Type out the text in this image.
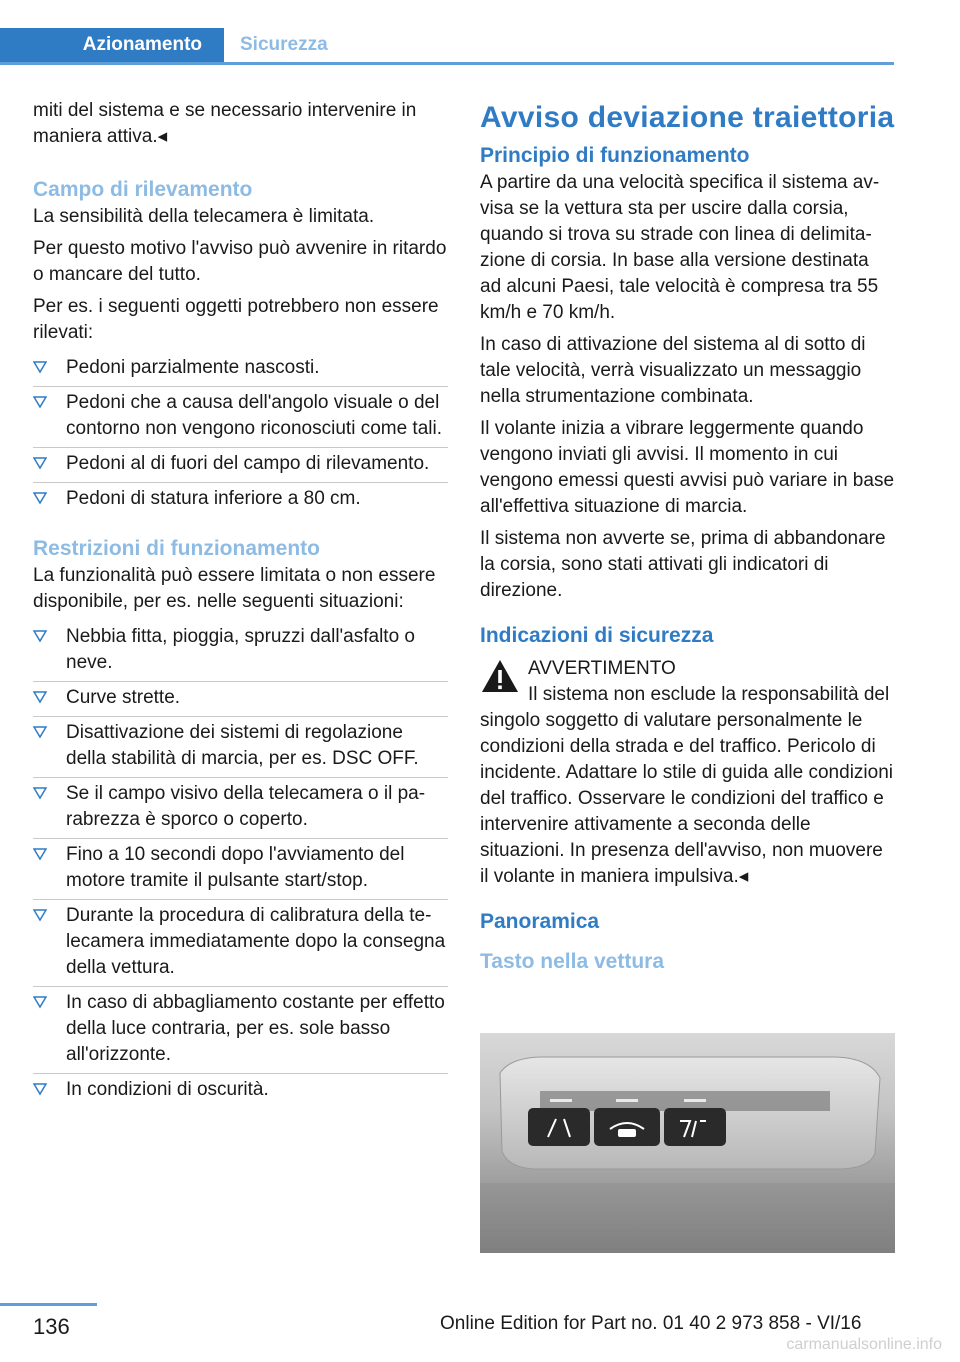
Azionamento	Sicurezza

miti del sistema e se necessario intervenire in maniera attiva.◂

Campo di rilevamento

La sensibilità della telecamera è limitata.

Per questo motivo l'avviso può avvenire in ritardo o mancare del tutto.

Per es. i seguenti oggetti potrebbero non essere rilevati:

Pedoni parzialmente nascosti.
Pedoni che a causa dell'angolo visuale o del contorno non vengono riconosciuti come tali.
Pedoni al di fuori del campo di rilevamento.
Pedoni di statura inferiore a 80 cm.
Restrizioni di funzionamento

La funzionalità può essere limitata o non essere disponibile, per es. nelle seguenti situazioni:

Nebbia fitta, pioggia, spruzzi dall'asfalto o neve.
Curve strette.
Disattivazione dei sistemi di regolazione della stabilità di marcia, per es. DSC OFF.
Se il campo visivo della telecamera o il parabrezza è sporco o coperto.
Fino a 10 secondi dopo l'avviamento del motore tramite il pulsante start/stop.
Durante la procedura di calibratura della telecamera immediatamente dopo la consegna della vettura.
In caso di abbagliamento costante per effetto della luce contraria, per es. sole basso all'orizzonte.
In condizioni di oscurità.
Avviso deviazione traiettoria
Principio di funzionamento

A partire da una velocità specifica il sistema avvisa se la vettura sta per uscire dalla corsia, quando si trova su strade con linea di delimitazione di corsia. In base alla versione destinata ad alcuni Paesi, tale velocità è compresa tra 55 km/h e 70 km/h.

In caso di attivazione del sistema al di sotto di tale velocità, verrà visualizzato un messaggio nella strumentazione combinata.

Il volante inizia a vibrare leggermente quando vengono inviati gli avvisi. Il momento in cui vengono emessi questi avvisi può variare in base all'effettiva situazione di marcia.

Il sistema non avverte se, prima di abbandonare la corsia, sono stati attivati gli indicatori di direzione.

Indicazioni di sicurezza

AVVERTIMENTO

Il sistema non esclude la responsabilità del singolo soggetto di valutare personalmente le condizioni della strada e del traffico. Pericolo di incidente. Adattare lo stile di guida alle condizioni del traffico. Osservare le condizioni del traffico e intervenire attivamente a seconda delle situazioni. In presenza dell'avviso, non muovere il volante in maniera impulsiva.◂

Panoramica
Tasto nella vettura
136	Online Edition for Part no. 01 40 2 973 858 - VI/16
carmanualsonline.info
